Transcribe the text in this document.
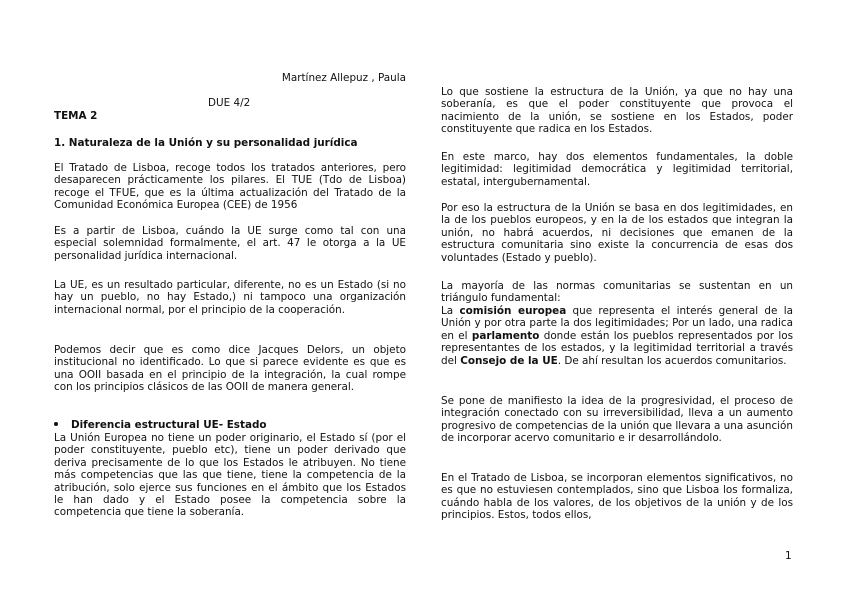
Martínez Allepuz , Paula
DUE 4/2
TEMA 2
1. Naturaleza de la Unión y su personalidad jurídica

El Tratado de Lisboa, recoge todos los tratados anteriores, pero desaparecen prácticamente los pilares. El TUE (Tdo de Lisboa) recoge el TFUE, que es la última actualización del Tratado de la Comunidad Económica Europea (CEE) de 1956

Es a partir de Lisboa, cuándo la UE surge como tal con una especial solemnidad formalmente, el art. 47 le otorga a la UE personalidad jurídica internacional.

La UE, es un resultado particular, diferente, no es un Estado (si no hay un pueblo, no hay Estado,) ni tampoco una organización internacional normal, por el principio de la cooperación.

Podemos decir que es como dice Jacques Delors, un objeto institucional no identificado. Lo que si parece evidente es que es una OOII basada en el principio de la integración, la cual rompe con los principios clásicos de las OOII de manera general.

Diferencia estructural UE- Estado

La Unión Europea no tiene un poder originario, el Estado sí (por el poder constituyente, pueblo etc), tiene un poder derivado que deriva precisamente de lo que los Estados le atribuyen. No tiene más competencias que las que tiene, tiene la competencia de la atribución, solo ejerce sus funciones en el ámbito que los Estados le han dado y el Estado posee la competencia sobre la competencia que tiene la soberanía.

Lo que sostiene la estructura de la Unión, ya que no hay una soberanía, es que el poder constituyente que provoca el nacimiento de la unión, se sostiene en los Estados, poder constituyente que radica en los Estados.

En este marco, hay dos elementos fundamentales, la doble legitimidad: legitimidad democrática y legitimidad territorial, estatal, intergubernamental.

Por eso la estructura de la Unión se basa en dos legitimidades, en la de los pueblos europeos, y en la de los estados que integran la unión, no habrá acuerdos, ni decisiones que emanen de la estructura comunitaria sino existe la concurrencia de esas dos voluntades (Estado y pueblo).

La mayoría de las normas comunitarias se sustentan en un triángulo fundamental:

La comisión europea que representa el interés general de la Unión y por otra parte la dos legitimidades; Por un lado, una radica en el parlamento donde están los pueblos representados por los representantes de los estados, y la legitimidad territorial a través del Consejo de la UE. De ahí resultan los acuerdos comunitarios.

Se pone de manifiesto la idea de la progresividad, el proceso de integración conectado con su irreversibilidad, lleva a un aumento progresivo de competencias de la unión que llevara a una asunción de incorporar acervo comunitario e ir desarrollándolo.

En el Tratado de Lisboa, se incorporan elementos significativos, no es que no estuviesen contemplados, sino que Lisboa los formaliza, cuándo habla de los valores, de los objetivos de la unión y de los principios. Estos, todos ellos,

1
